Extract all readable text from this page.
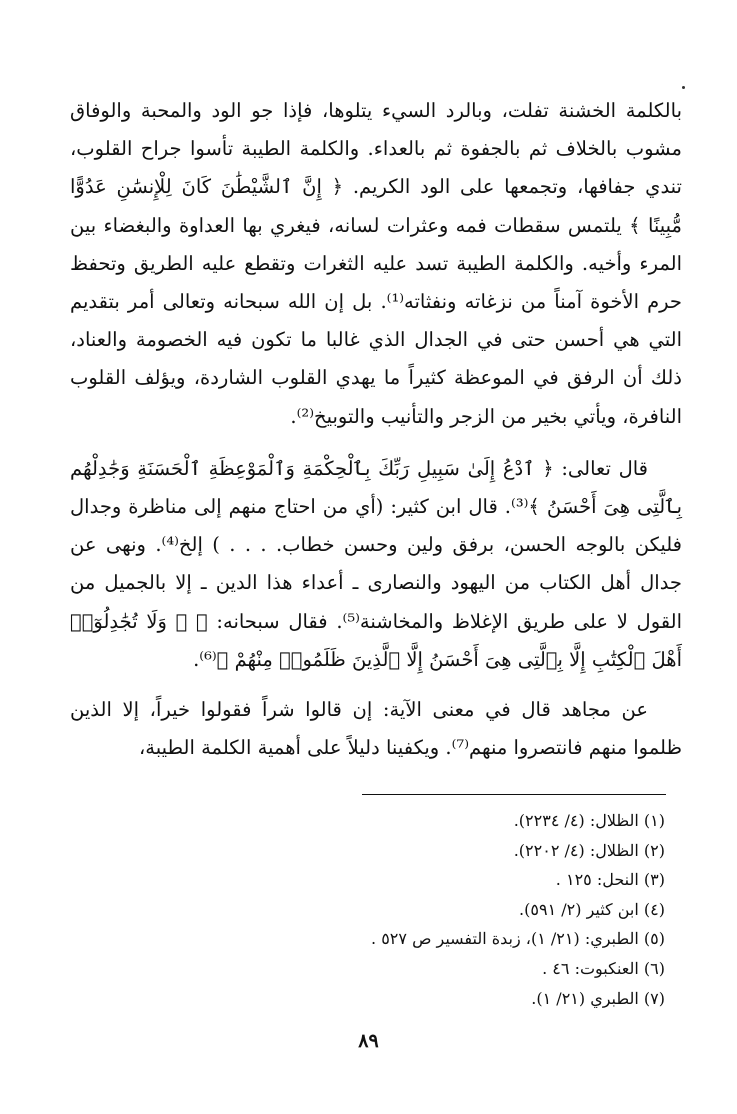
بالكلمة الخشنة تفلت، وبالرد السيء يتلوها، فإذا جو الود والمحبة والوفاق مشوب بالخلاف ثم بالجفوة ثم بالعداء. والكلمة الطيبة تأسوا جراح القلوب، تندي جفافها، وتجمعها على الود الكريم. ﴿ إِنَّ ٱلشَّيْطَٰنَ كَانَ لِلْإِنسَٰنِ عَدُوًّا مُّبِينًا ﴾ يلتمس سقطات فمه وعثرات لسانه، فيغري بها العداوة والبغضاء بين المرء وأخيه. والكلمة الطيبة تسد عليه الثغرات وتقطع عليه الطريق وتحفظ حرم الأخوة آمناً من نزغاته ونفثاته⁽¹⁾. بل إن الله سبحانه وتعالى أمر بتقديم التي هي أحسن حتى في الجدال الذي غالبا ما تكون فيه الخصومة والعناد، ذلك أن الرفق في الموعظة كثيراً ما يهدي القلوب الشاردة، ويؤلف القلوب النافرة، ويأتي بخير من الزجر والتأنيب والتوبيخ⁽²⁾.

قال تعالى: ﴿ ٱدْعُ إِلَىٰ سَبِيلِ رَبِّكَ بِٱلْحِكْمَةِ وَٱلْمَوْعِظَةِ ٱلْحَسَنَةِ وَجَٰدِلْهُم بِٱلَّتِى هِىَ أَحْسَنُ ﴾⁽³⁾. قال ابن كثير: (أي من احتاج منهم إلى مناظرة وجدال فليكن بالوجه الحسن، برفق ولين وحسن خطاب. . . . ) إلخ⁽⁴⁾. ونهى عن جدال أهل الكتاب من اليهود والنصارى ـ أعداء هذا الدين ـ إلا بالجميل من القول لا على طريق الإغلاظ والمخاشنة⁽⁵⁾. فقال سبحانه: ﴿ ۞ وَلَا تُجَٰدِلُوٓا۟ أَهْلَ ٱلْكِتَٰبِ إِلَّا بِٱلَّتِى هِىَ أَحْسَنُ إِلَّا ٱلَّذِينَ ظَلَمُوا۟ مِنْهُمْ ﴾⁽⁶⁾.

عن مجاهد قال في معنى الآية: إن قالوا شراً فقولوا خيراً، إلا الذين ظلموا منهم فانتصروا منهم⁽⁷⁾. ويكفينا دليلاً على أهمية الكلمة الطيبة،

(١) الظلال: (٤/ ٢٢٣٤).

(٢) الظلال: (٤/ ٢٢٠٢).

(٣) النحل: ١٢٥ .

(٤) ابن كثير (٢/ ٥٩١).

(٥) الطبري: (٢١/ ١)، زبدة التفسير ص ٥٢٧ .

(٦) العنكبوت: ٤٦ .

(٧) الطبري (٢١/ ١).

٨٩
